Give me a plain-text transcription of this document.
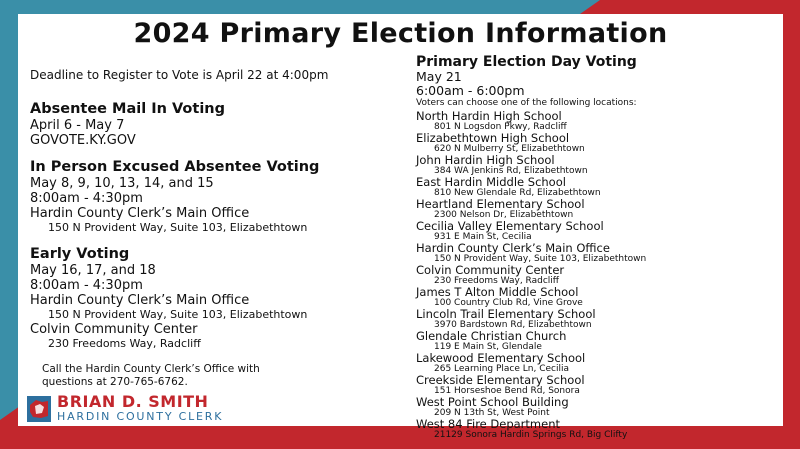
2024 Primary Election Information

Deadline to Register to Vote is April 22 at 4:00pm

Absentee Mail In Voting

April 6 - May 7

GOVOTE.KY.GOV

In Person Excused Absentee Voting

May 8, 9, 10, 13, 14, and 15

8:00am - 4:30pm

Hardin County Clerk’s Main Office

150 N Provident Way, Suite 103, Elizabethtown

Early Voting

May 16, 17, and 18

8:00am - 4:30pm

Hardin County Clerk’s Main Office

150 N Provident Way, Suite 103, Elizabethtown

Colvin Community Center

230 Freedoms Way, Radcliff

Call the Hardin County Clerk’s Office with
questions at 270-765-6762.

BRIAN D. SMITH
HARDIN COUNTY CLERK

Primary Election Day Voting

May 21

6:00am - 6:00pm

Voters can choose one of the following locations:

North Hardin High School

801 N Logsdon Pkwy, Radcliff

Elizabethtown High School

620 N Mulberry St, Elizabethtown

John Hardin High School

384 WA Jenkins Rd, Elizabethtown

East Hardin Middle School

810 New Glendale Rd, Elizabethtown

Heartland Elementary School

2300 Nelson Dr, Elizabethtown

Cecilia Valley Elementary School

931 E Main St, Cecilia

Hardin County Clerk’s Main Office

150 N Provident Way, Suite 103, Elizabethtown

Colvin Community Center

230 Freedoms Way, Radcliff

James T Alton Middle School

100 Country Club Rd, Vine Grove

Lincoln Trail Elementary School

3970 Bardstown Rd, Elizabethtown

Glendale Christian Church

119 E Main St, Glendale

Lakewood Elementary School

265 Learning Place Ln, Cecilia

Creekside Elementary School

151 Horseshoe Bend Rd, Sonora

West Point School Building

209 N 13th St, West Point

West 84 Fire Department

21129 Sonora Hardin Springs Rd, Big Clifty
